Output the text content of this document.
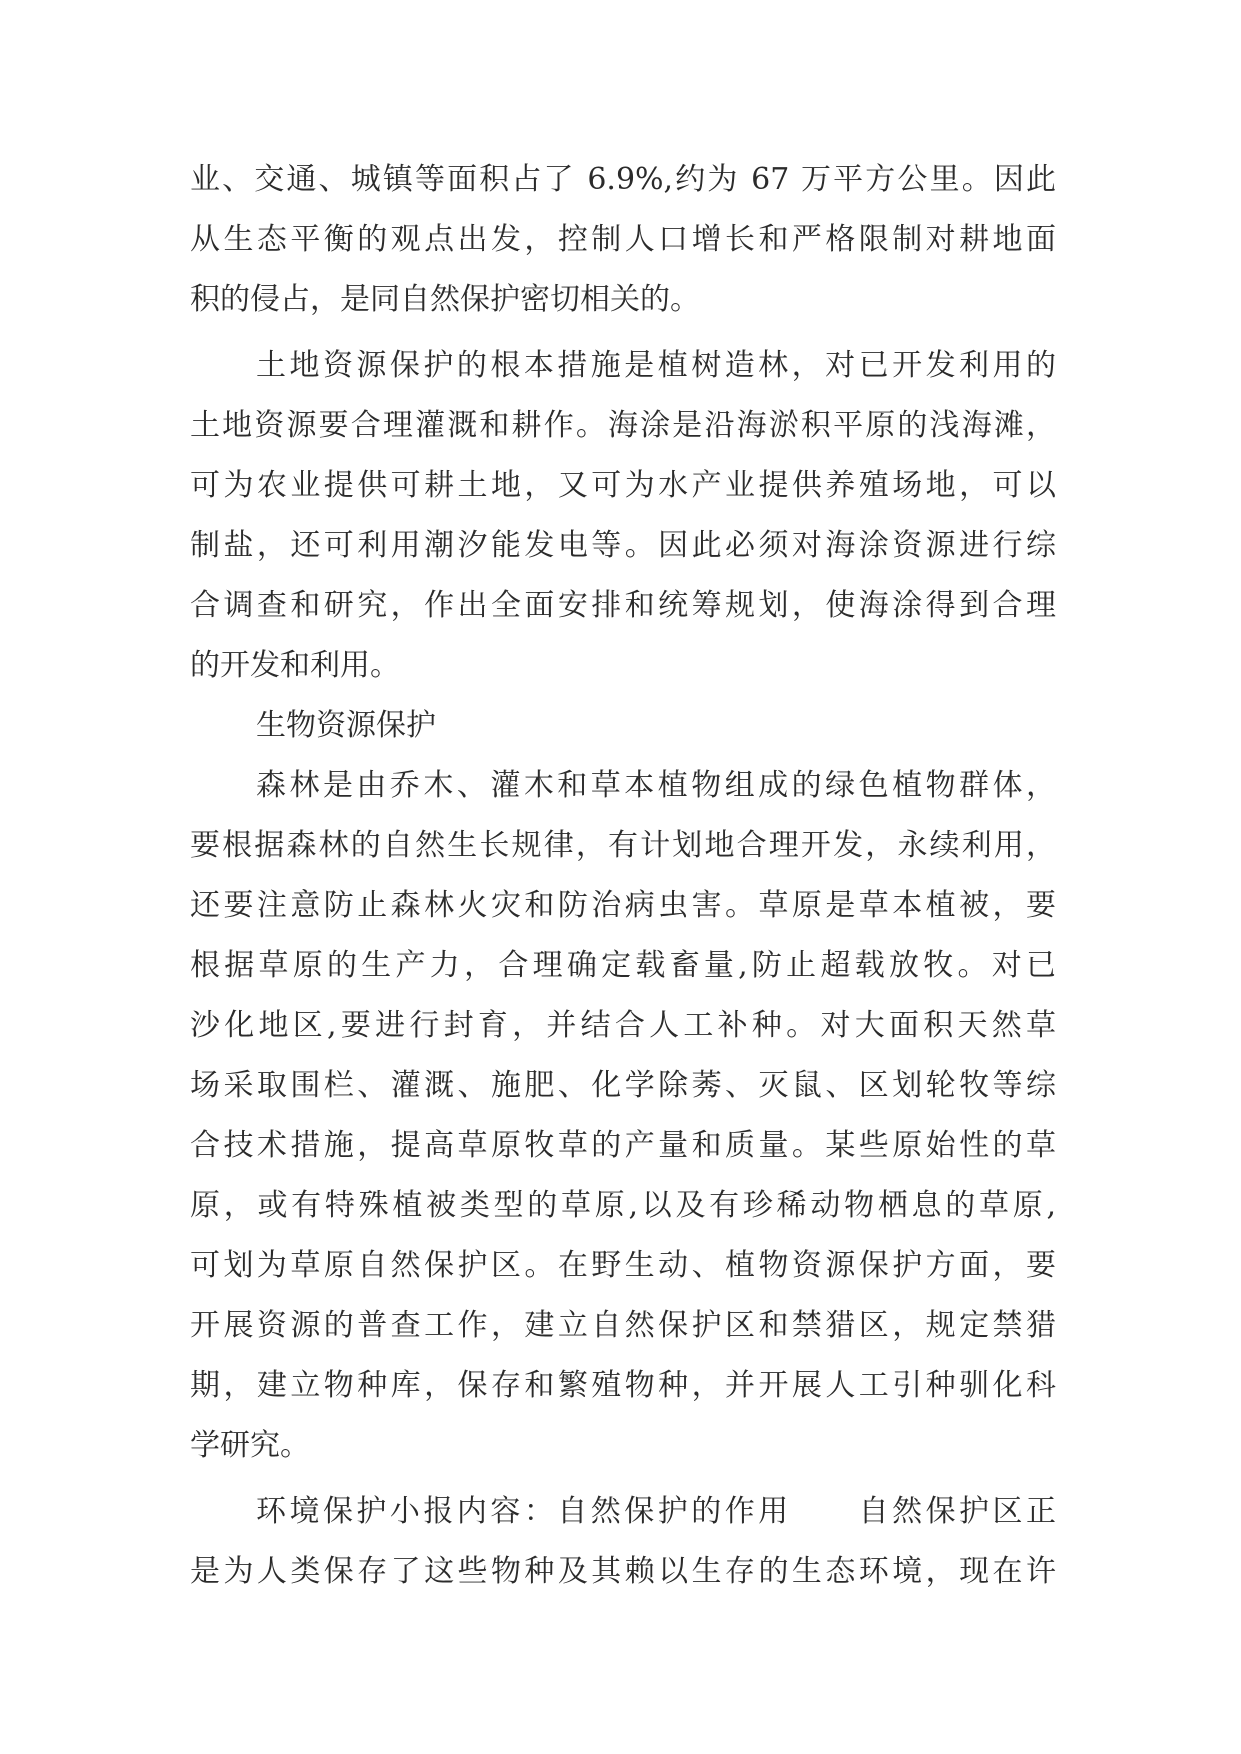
业、交通、城镇等面积占了 6.9%,约为 67 万平方公里。因此
从生态平衡的观点出发，控制人口增长和严格限制对耕地面
积的侵占，是同自然保护密切相关的。
土地资源保护的根本措施是植树造林，对已开发利用的
土地资源要合理灌溉和耕作。海涂是沿海淤积平原的浅海滩，
可为农业提供可耕土地，又可为水产业提供养殖场地，可以
制盐，还可利用潮汐能发电等。因此必须对海涂资源进行综
合调查和研究，作出全面安排和统筹规划，使海涂得到合理
的开发和利用。
生物资源保护
森林是由乔木、灌木和草本植物组成的绿色植物群体，
要根据森林的自然生长规律，有计划地合理开发，永续利用，
还要注意防止森林火灾和防治病虫害。草原是草本植被，要
根据草原的生产力，合理确定载畜量,防止超载放牧。对已
沙化地区,要进行封育，并结合人工补种。对大面积天然草
场采取围栏、灌溉、施肥、化学除莠、灭鼠、区划轮牧等综
合技术措施，提高草原牧草的产量和质量。某些原始性的草
原，或有特殊植被类型的草原,以及有珍稀动物栖息的草原,
可划为草原自然保护区。在野生动、植物资源保护方面，要
开展资源的普查工作，建立自然保护区和禁猎区，规定禁猎
期，建立物种库，保存和繁殖物种，并开展人工引种驯化科
学研究。
环境保护小报内容：自然保护的作用　　自然保护区正
是为人类保存了这些物种及其赖以生存的生态环境，现在许
